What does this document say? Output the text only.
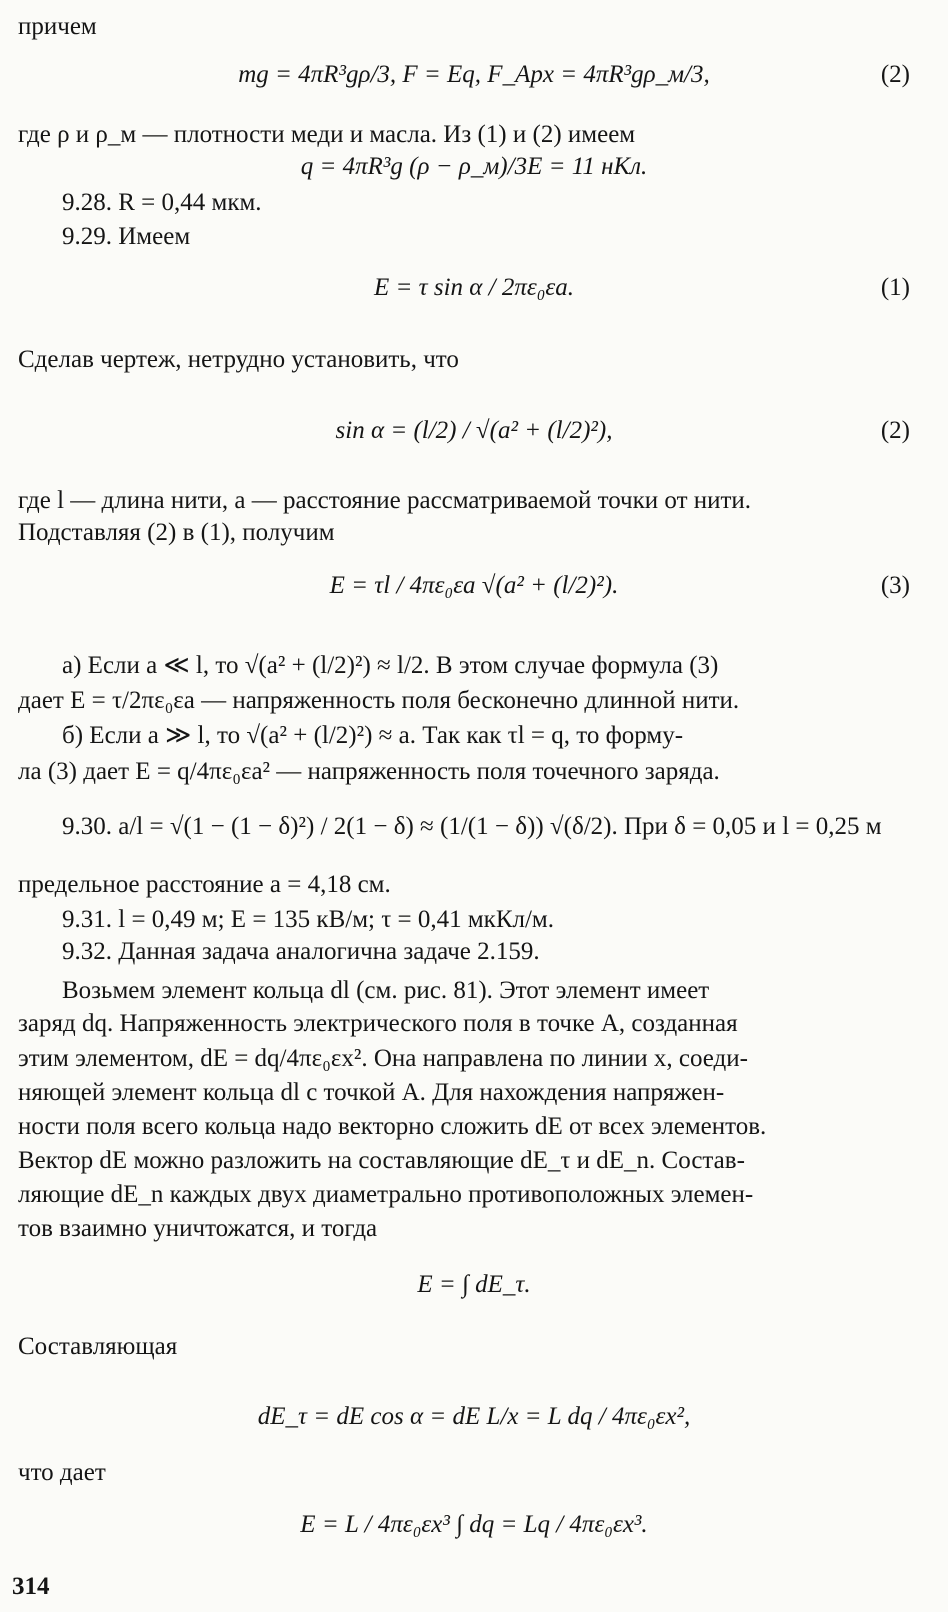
причем
mg = 4πR³gρ/3, F = Eq, F_Apx = 4πR³gρ_м/3,	(2)
где ρ и ρ_м — плотности меди и масла. Из (1) и (2) имеем
q = 4πR³g (ρ − ρ_м)/3E = 11 нКл.
9.28. R = 0,44 мкм.
9.29. Имеем
E = τ sin α / 2πε₀εa.	(1)
Сделав чертеж, нетрудно установить, что
sin α = (l/2) / √(a² + (l/2)²),	(2)
где l — длина нити, a — расстояние рассматриваемой точки от нити.
Подставляя (2) в (1), получим
E = τl / 4πε₀εa √(a² + (l/2)²).	(3)
а) Если a ≪ l, то √(a² + (l/2)²) ≈ l/2. В этом случае формула (3)
дает E = τ/2πε₀εa — напряженность поля бесконечно длинной нити.
б) Если a ≫ l, то √(a² + (l/2)²) ≈ a. Так как τl = q, то форму-
ла (3) дает E = q/4πε₀εa² — напряженность поля точечного заряда.
9.30. a/l = √(1 − (1 − δ)²) / 2(1 − δ) ≈ (1/(1 − δ)) √(δ/2). При δ = 0,05 и l = 0,25 м
предельное расстояние a = 4,18 см.
9.31. l = 0,49 м; E = 135 кВ/м; τ = 0,41 мкКл/м.
9.32. Данная задача аналогична задаче 2.159.
Возьмем элемент кольца dl (см. рис. 81). Этот элемент имеет
заряд dq. Напряженность электрического поля в точке A, созданная
этим элементом, dE = dq/4πε₀εx². Она направлена по линии x, соеди-
няющей элемент кольца dl с точкой A. Для нахождения напряжен-
ности поля всего кольца надо векторно сложить dE от всех элементов.
Вектор dE можно разложить на составляющие dE_τ и dE_n. Состав-
ляющие dE_n каждых двух диаметрально противоположных элемен-
тов взаимно уничтожатся, и тогда
E = ∫ dE_τ.
Составляющая
dE_τ = dE cos α = dE L/x = L dq / 4πε₀εx²,
что дает
E = L / 4πε₀εx³ ∫ dq = Lq / 4πε₀εx³.
314
